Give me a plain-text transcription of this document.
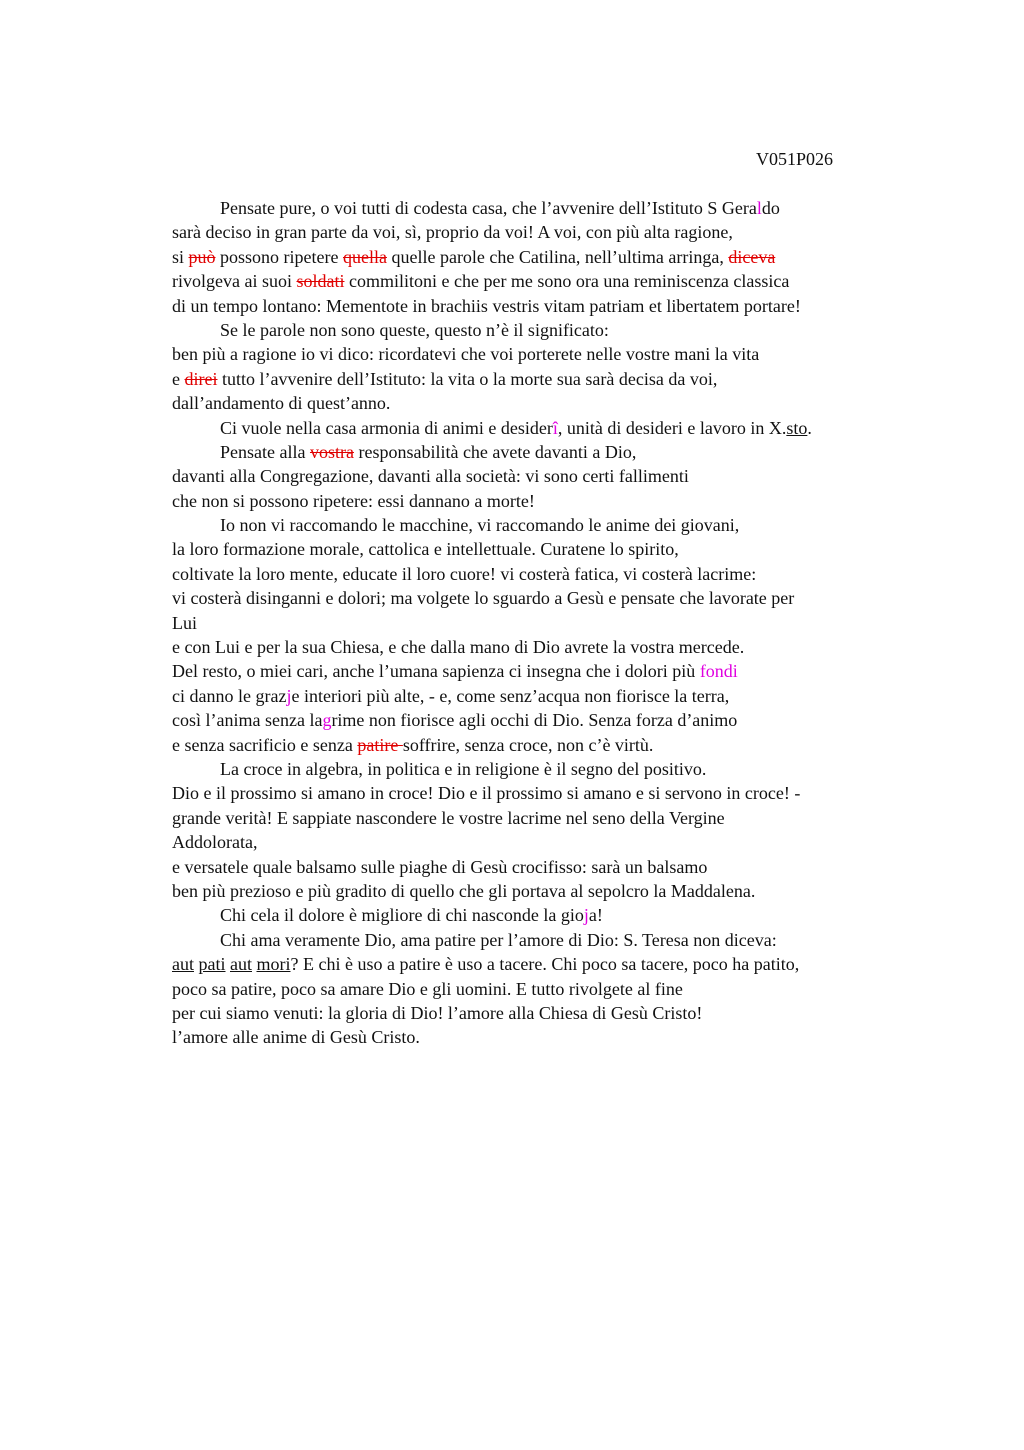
V051P026
Pensate pure, o voi tutti di codesta casa, che l’avvenire dell’Istituto S Geraldo
sarà deciso in gran parte da voi, sì, proprio da voi! A voi, con più alta ragione,
si può possono ripetere quella quelle parole che Catilina, nell’ultima arringa, diceva
rivolgeva ai suoi soldati commilitoni e che per me sono ora una reminiscenza classica
di un tempo lontano: Mementote in brachiis vestris vitam patriam et libertatem portare!
Se le parole non sono queste, questo n’è il significato:
ben più a ragione io vi dico: ricordatevi che voi porterete nelle vostre mani la vita
e direi tutto l’avvenire dell’Istituto: la vita o la morte sua sarà decisa da voi,
dall’andamento di quest’anno.
Ci vuole nella casa armonia di animi e desiderî, unità di desideri e lavoro in X.sto.
Pensate alla vostra responsabilità che avete davanti a Dio,
davanti alla Congregazione, davanti alla società: vi sono certi fallimenti
che non si possono ripetere: essi dannano a morte!
Io non vi raccomando le macchine, vi raccomando le anime dei giovani,
la loro formazione morale, cattolica e intellettuale. Curatene lo spirito,
coltivate la loro mente, educate il loro cuore! vi costerà fatica, vi costerà lacrime:
vi costerà disinganni e dolori; ma volgete lo sguardo a Gesù e pensate che lavorate per
Lui
e con Lui e per la sua Chiesa, e che dalla mano di Dio avrete la vostra mercede.
Del resto, o miei cari, anche l’umana sapienza ci insegna che i dolori più fondi
ci danno le grazje interiori più alte, - e, come senz’acqua non fiorisce la terra,
così l’anima senza lagrime non fiorisce agli occhi di Dio. Senza forza d’animo
e senza sacrificio e senza patire soffrire, senza croce, non c’è virtù.
La croce in algebra, in politica e in religione è il segno del positivo.
Dio e il prossimo si amano in croce! Dio e il prossimo si amano e si servono in croce! -
grande verità! E sappiate nascondere le vostre lacrime nel seno della Vergine
Addolorata,
e versatele quale balsamo sulle piaghe di Gesù crocifisso: sarà un balsamo
ben più prezioso e più gradito di quello che gli portava al sepolcro la Maddalena.
Chi cela il dolore è migliore di chi nasconde la gioja!
Chi ama veramente Dio, ama patire per l’amore di Dio: S. Teresa non diceva:
aut pati aut mori? E chi è uso a patire è uso a tacere. Chi poco sa tacere, poco ha patito,
poco sa patire, poco sa amare Dio e gli uomini. E tutto rivolgete al fine
per cui siamo venuti: la gloria di Dio! l’amore alla Chiesa di Gesù Cristo!
l’amore alle anime di Gesù Cristo.
